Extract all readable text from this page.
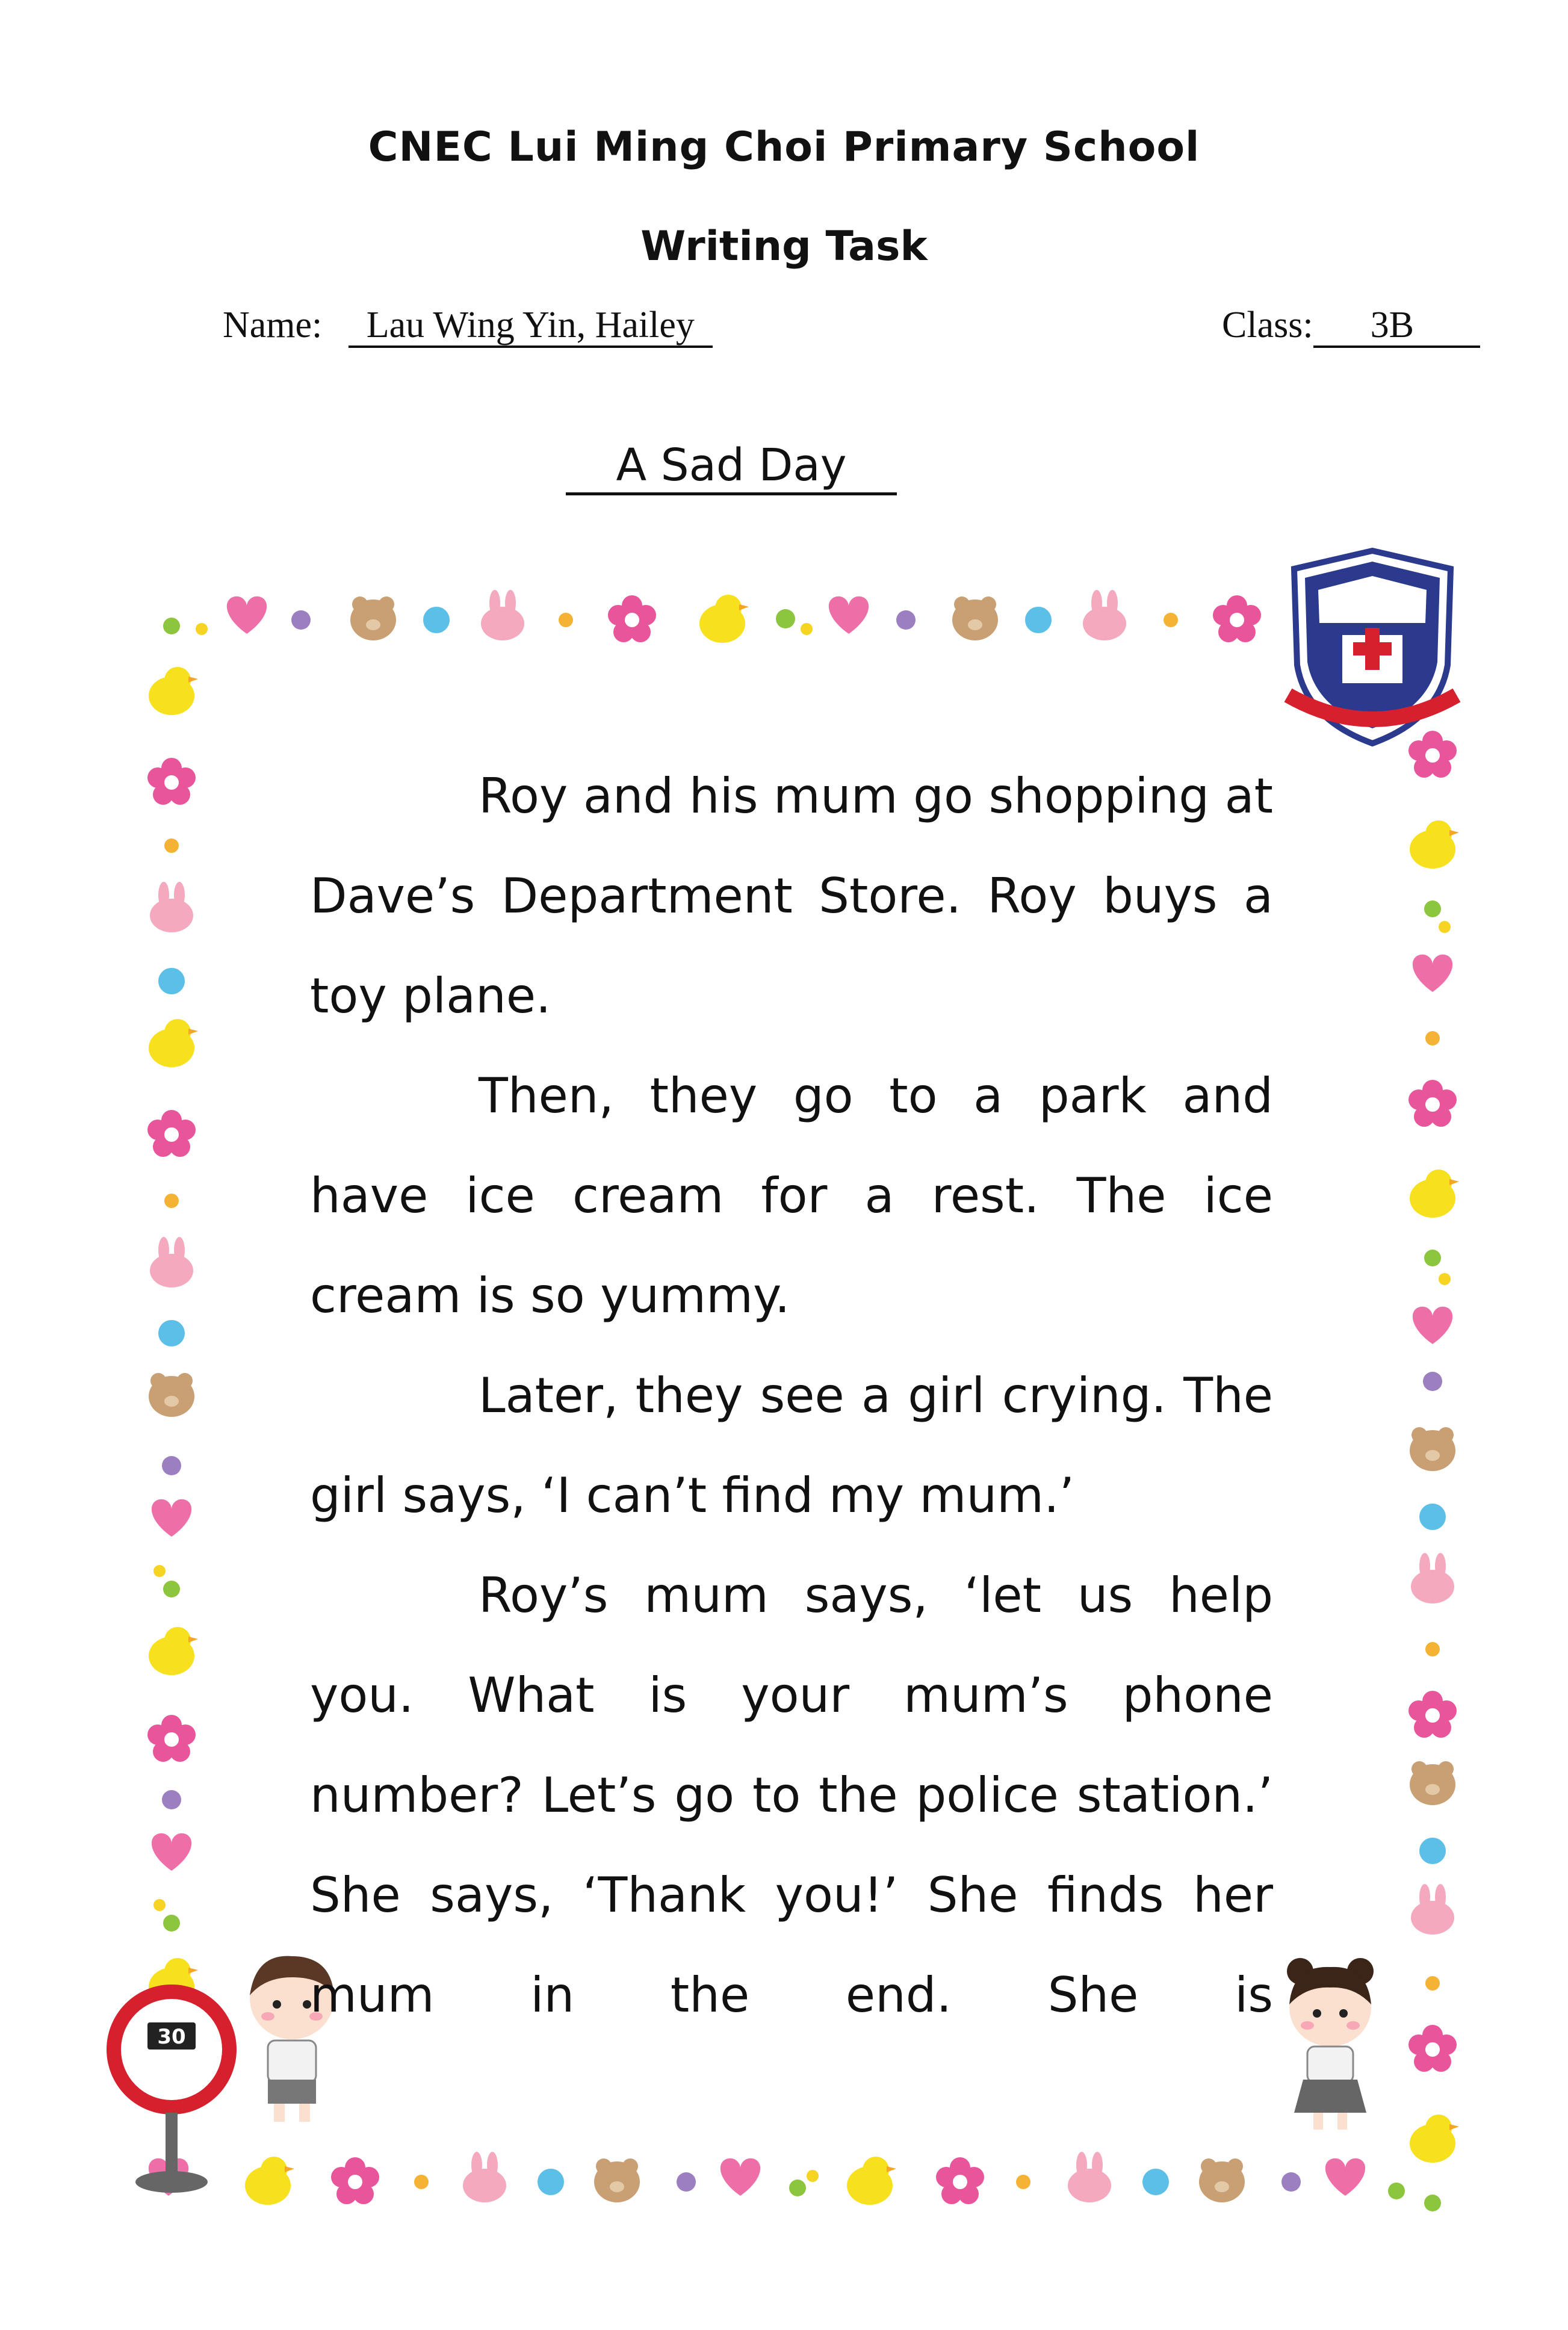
CNEC Lui Ming Choi Primary School
Writing Task
Name: Lau Wing Yin, Hailey	Class: 3B
A Sad Day
30

Roy and his mum go shopping at Dave’s Department Store. Roy buys a toy plane.

Then, they go to a park and have ice cream for a rest. The ice cream is so yummy.

Later, they see a girl crying. The girl says, ‘I can’t find my mum.’

Roy’s mum says, ‘let us help you. What is your mum’s phone number? Let’s go to the police station.’ She says, ‘Thank you!’ She finds her mum in the end. She is
